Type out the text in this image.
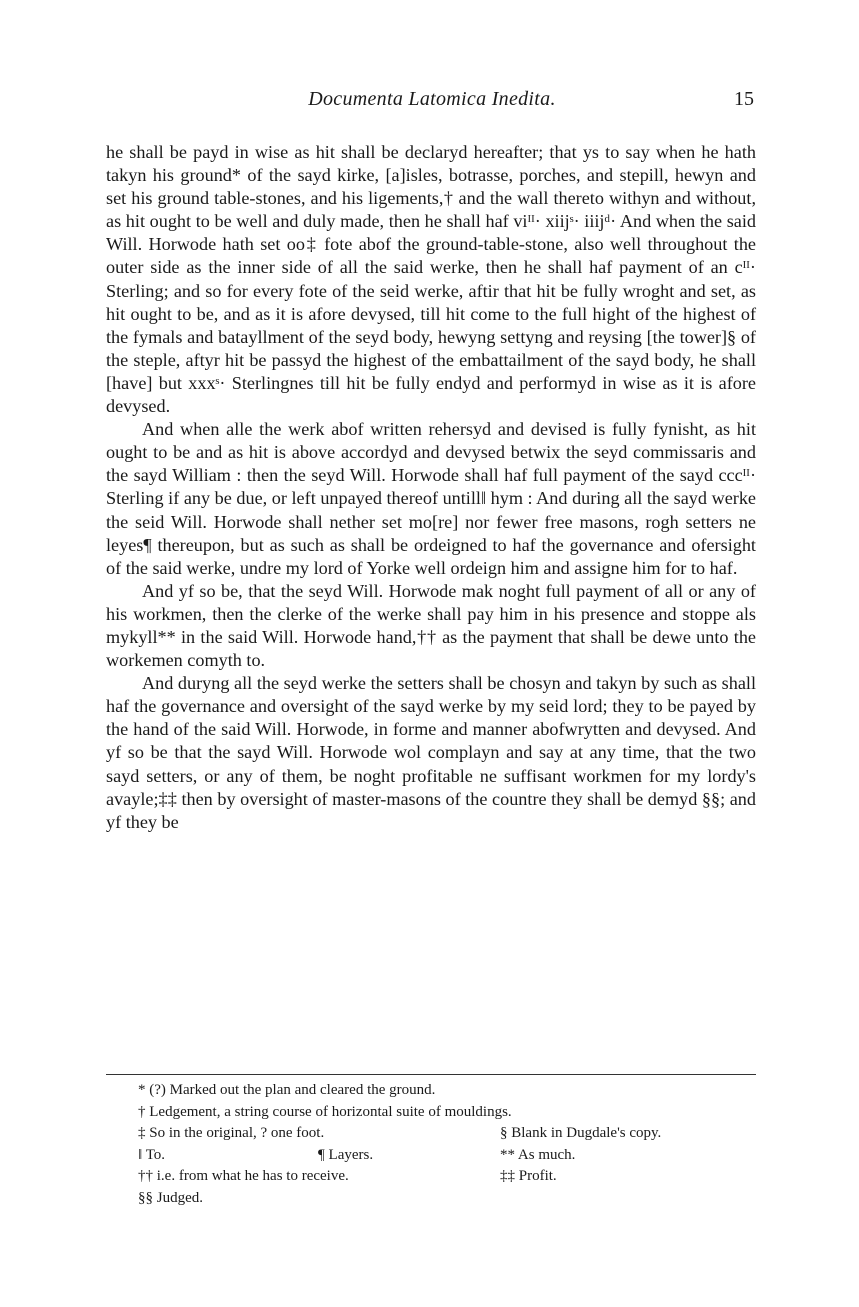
Documenta Latomica Inedita.	15

he shall be payd in wise as hit shall be declaryd hereafter; that ys to say when he hath takyn his ground* of the sayd kirke, [a]isles, botrasse, porches, and stepill, hewyn and set his ground table-stones, and his ligements,† and the wall thereto withyn and without, as hit ought to be well and duly made, then he shall haf viᴵᴵ· xiijˢ· iiijᵈ· And when the said Will. Horwode hath set oo‡ fote abof the ground-table-stone, also well throughout the outer side as the inner side of all the said werke, then he shall haf payment of an cᴵᴵ· Sterling; and so for every fote of the seid werke, aftir that hit be fully wroght and set, as hit ought to be, and as it is afore devysed, till hit come to the full hight of the highest of the fymals and batayllment of the seyd body, hewyng settyng and reysing [the tower]§ of the steple, aftyr hit be passyd the highest of the embattailment of the sayd body, he shall [have] but xxxˢ· Sterlingnes till hit be fully endyd and performyd in wise as it is afore devysed.

And when alle the werk abof written rehersyd and devised is fully fynisht, as hit ought to be and as hit is above accordyd and devysed betwix the seyd commissaris and the sayd William : then the seyd Will. Horwode shall haf full payment of the sayd cccᴵᴵ· Sterling if any be due, or left unpayed thereof untill‖ hym : And during all the sayd werke the seid Will. Horwode shall nether set mo[re] nor fewer free masons, rogh setters ne leyes¶ thereupon, but as such as shall be ordeigned to haf the governance and ofersight of the said werke, undre my lord of Yorke well ordeign him and assigne him for to haf.

And yf so be, that the seyd Will. Horwode mak noght full payment of all or any of his workmen, then the clerke of the werke shall pay him in his presence and stoppe als mykyll** in the said Will. Horwode hand,†† as the payment that shall be dewe unto the workemen comyth to.

And duryng all the seyd werke the setters shall be chosyn and takyn by such as shall haf the governance and oversight of the sayd werke by my seid lord; they to be payed by the hand of the said Will. Horwode, in forme and manner abofwrytten and devysed. And yf so be that the sayd Will. Horwode wol complayn and say at any time, that the two sayd setters, or any of them, be noght profitable ne suffisant workmen for my lordy's avayle;‡‡ then by oversight of master-masons of the countre they shall be demyd §§; and yf they be

* (?) Marked out the plan and cleared the ground.
† Ledgement, a string course of horizontal suite of mouldings.
‡ So in the original, ? one foot.	§ Blank in Dugdale's copy.
‖ To.	¶ Layers.	** As much.
†† i.e. from what he has to receive.	‡‡ Profit.
§§ Judged.
